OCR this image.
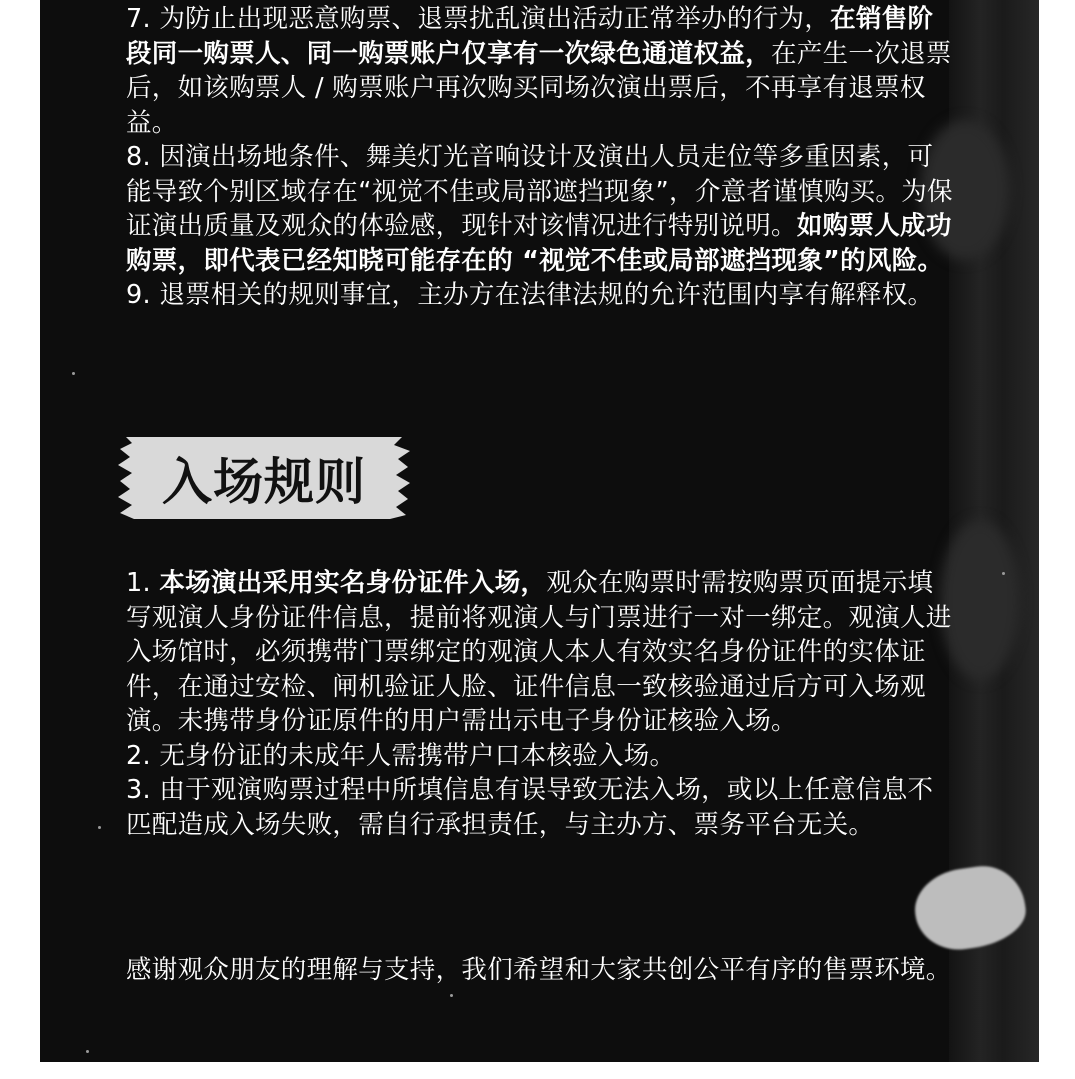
7. 为防止出现恶意购票、退票扰乱演出活动正常举办的行为，在销售阶段同一购票人、同一购票账户仅享有一次绿色通道权益，在产生一次退票后，如该购票人 / 购票账户再次购买同场次演出票后，不再享有退票权益。

8. 因演出场地条件、舞美灯光音响设计及演出人员走位等多重因素，可能导致个别区域存在“视觉不佳或局部遮挡现象”，介意者谨慎购买。为保证演出质量及观众的体验感，现针对该情况进行特别说明。如购票人成功购票，即代表已经知晓可能存在的 “视觉不佳或局部遮挡现象”的风险。

9. 退票相关的规则事宜，主办方在法律法规的允许范围内享有解释权。

1. 本场演出采用实名身份证件入场，观众在购票时需按购票页面提示填写观演人身份证件信息，提前将观演人与门票进行一对一绑定。观演人进入场馆时，必须携带门票绑定的观演人本人有效实名身份证件的实体证件，在通过安检、闸机验证人脸、证件信息一致核验通过后方可入场观演。未携带身份证原件的用户需出示电子身份证核验入场。

2. 无身份证的未成年人需携带户口本核验入场。

3. 由于观演购票过程中所填信息有误导致无法入场，或以上任意信息不匹配造成入场失败，需自行承担责任，与主办方、票务平台无关。

感谢观众朋友的理解与支持，我们希望和大家共创公平有序的售票环境。

入场规则
